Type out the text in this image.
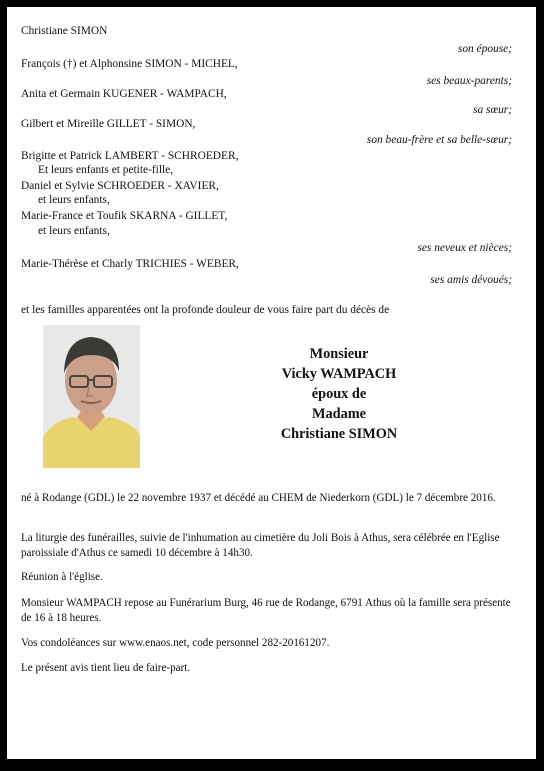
Christiane SIMON
son épouse;
François (†) et Alphonsine SIMON - MICHEL,
ses beaux-parents;
Anita et Germain KUGENER - WAMPACH,
sa sœur;
Gilbert et Mireille GILLET - SIMON,
son beau-frère et sa belle-sœur;
Brigitte et Patrick LAMBERT - SCHROEDER,
Et leurs enfants et petite-fille,
Daniel et Sylvie SCHROEDER - XAVIER,
et leurs enfants,
Marie-France et Toufik SKARNA - GILLET,
et leurs enfants,
ses neveux et nièces;
Marie-Thérèse et Charly TRICHIES - WEBER,
ses amis dévoués;
et les familles apparentées ont la profonde douleur de vous faire part du décès de
Monsieur
Vicky WAMPACH
époux de
Madame
Christiane SIMON
né à Rodange (GDL) le 22 novembre 1937 et décédé au CHEM de Niederkorn (GDL) le 7 décembre 2016.
La liturgie des funérailles, suivie de l'inhumation au cimetière du Joli Bois à Athus, sera célébrée en l'Eglise paroissiale d'Athus ce samedi 10 décembre à 14h30.
Réunion à l'église.
Monsieur WAMPACH repose au Funérarium Burg, 46 rue de Rodange, 6791 Athus où la famille sera présente de 16 à 18 heures.
Vos condoléances sur www.enaos.net, code personnel 282-20161207.
Le présent avis tient lieu de faire-part.
